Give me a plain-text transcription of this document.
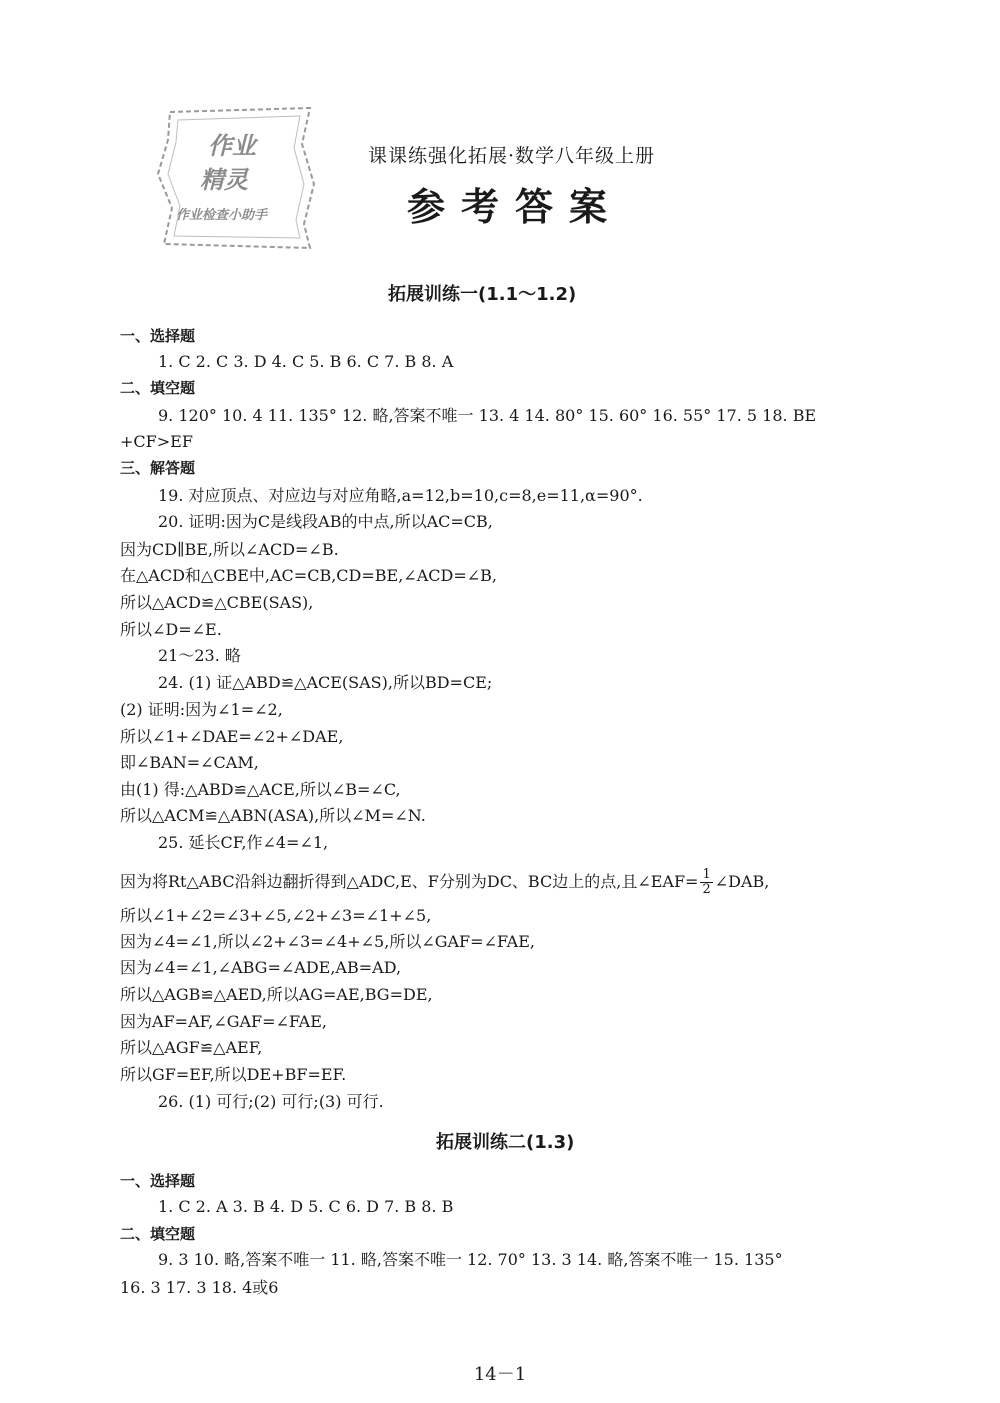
作业
精灵
作业检查小助手
课课练强化拓展·数学八年级上册
参考答案
拓展训练一(1.1～1.2)
一、选择题
1. C 2. C 3. D 4. C 5. B 6. C 7. B 8. A
二、填空题
9. 120° 10. 4 11. 135° 12. 略,答案不唯一 13. 4 14. 80° 15. 60° 16. 55° 17. 5 18. BE
+CF>EF
三、解答题
19. 对应顶点、对应边与对应角略,a=12,b=10,c=8,e=11,α=90°.
20. 证明:因为C是线段AB的中点,所以AC=CB,
因为CD∥BE,所以∠ACD=∠B.
在△ACD和△CBE中,AC=CB,CD=BE,∠ACD=∠B,
所以△ACD≌△CBE(SAS),
所以∠D=∠E.
21～23. 略
24. (1) 证△ABD≌△ACE(SAS),所以BD=CE;
(2) 证明:因为∠1=∠2,
所以∠1+∠DAE=∠2+∠DAE,
即∠BAN=∠CAM,
由(1) 得:△ABD≌△ACE,所以∠B=∠C,
所以△ACM≌△ABN(ASA),所以∠M=∠N.
25. 延长CF,作∠4=∠1,
因为将Rt△ABC沿斜边翻折得到△ADC,E、F分别为DC、BC边上的点,且∠EAF= $\frac{1}{2}$ ∠DAB,
所以∠1+∠2=∠3+∠5,∠2+∠3=∠1+∠5,
因为∠4=∠1,所以∠2+∠3=∠4+∠5,所以∠GAF=∠FAE,
因为∠4=∠1,∠ABG=∠ADE,AB=AD,
所以△AGB≌△AED,所以AG=AE,BG=DE,
因为AF=AF,∠GAF=∠FAE,
所以△AGF≌△AEF,
所以GF=EF,所以DE+BF=EF.
26. (1) 可行;(2) 可行;(3) 可行.
拓展训练二(1.3)
一、选择题
1. C 2. A 3. B 4. D 5. C 6. D 7. B 8. B
二、填空题
9. 3 10. 略,答案不唯一 11. 略,答案不唯一 12. 70° 13. 3 14. 略,答案不唯一 15. 135°
16. 3 17. 3 18. 4或6
14－1
